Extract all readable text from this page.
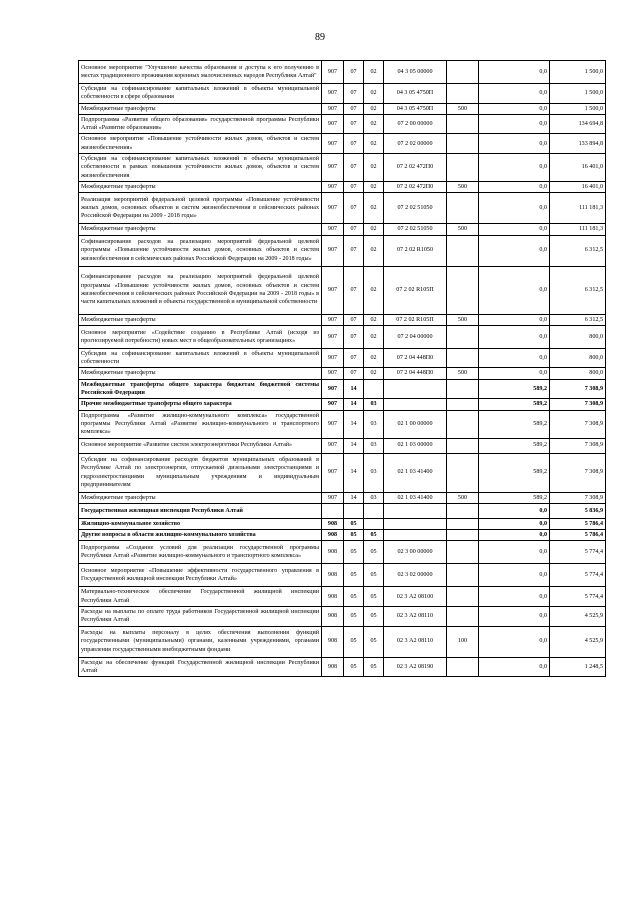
89
Основное мероприятие "Улучшение качества образования и доступа к его получению в местах традиционного проживания коренных малочисленных народов Республики Алтай"	907	07	02	04 3 05 00000		0,0	1 500,0
Субсидии на софинансирование капитальных вложений в объекты муниципальной собственности в сфере образования	907	07	02	04 3 05 4750П		0,0	1 500,0
Межбюджетные трансферты	907	07	02	04 3 05 4750П	500	0,0	1 500,0
Подпрограмма «Развитие общего образования» государственной программы Республики Алтай «Развитие образования»	907	07	02	07 2 00 00000		0,0	134 694,8
Основное мероприятие «Повышение устойчивости жилых домов, объектов и систем жизнеобеспечения»	907	07	02	07 2 02 00000		0,0	133 894,8
Субсидии на софинансирование капитальных вложений в объекты муниципальной собственности в рамках повышения устойчивости жилых домов, объектов и систем жизнеобеспечения	907	07	02	07 2 02 472П0		0,0	16 401,0
Межбюджетные трансферты	907	07	02	07 2 02 472П0	500	0,0	16 401,0
Реализация мероприятий федеральной целевой программы «Повышение устойчивости жилых домов, основных объектов и систем жизнеобеспечения в сейсмических районах Российской Федерации на 2009 - 2018 годы»	907	07	02	07 2 02 51050		0,0	111 181,3
Межбюджетные трансферты	907	07	02	07 2 02 51050	500	0,0	111 181,3
Софинансирование расходов на реализацию мероприятий федеральной целевой программы «Повышение устойчивости жилых домов, основных объектов и систем жизнеобеспечения в сейсмических районах Российской Федерации на 2009 - 2018 годы»	907	07	02	07 2 02 R1050		0,0	6 312,5
Софинансирование расходов на реализацию мероприятий федеральной целевой программы «Повышение устойчивости жилых домов, основных объектов и систем жизнеобеспечения в сейсмических районах Российской Федерации на 2009 - 2018 годы» в части капитальных вложений в объекты государственной и муниципальной собственности	907	07	02	07 2 02 R105П		0,0	6 312,5
Межбюджетные трансферты	907	07	02	07 2 02 R105П	500	0,0	6 312,5
Основное мероприятие «Содействие созданию в Республике Алтай (исходя из прогнозируемой потребности) новых мест в общеобразовательных организациях»	907	07	02	07 2 04 00000		0,0	800,0
Субсидии на софинансирование капитальных вложений в объекты муниципальной собственности	907	07	02	07 2 04 448П0		0,0	800,0
Межбюджетные трансферты	907	07	02	07 2 04 448П0	500	0,0	800,0
Межбюджетные трансферты общего характера бюджетам бюджетной системы Российской Федерации	907	14				589,2	7 308,9
Прочие межбюджетные трансферты общего характера	907	14	03			589,2	7 308,9
Подпрограмма «Развитие жилищно-коммунального комплекса» государственной программы Республики Алтай «Развитие жилищно-коммунального и транспортного комплекса»	907	14	03	02 1 00 00000		589,2	7 308,9
Основное мероприятие «Развитие систем электроэнергетики Республики Алтай»	907	14	03	02 1 03 00000		589,2	7 308,9
Субсидии на софинансирование расходов бюджетов муниципальных образований в Республике Алтай по электроэнергии, отпускаемой дизельными электростанциями и гидроэлектростанциями муниципальным учреждениям и индивидуальным предпринимателям	907	14	03	02 1 03 41400		589,2	7 308,9
Межбюджетные трансферты	907	14	03	02 1 03 41400	500	589,2	7 308,9
Государственная жилищная инспекция Республики Алтай						0,0	5 836,9
Жилищно-коммунальное хозяйство	908	05				0,0	5 786,4
Другие вопросы в области жилищно-коммунального хозяйства	908	05	05			0,0	5 786,4
Подпрограмма «Создание условий для реализации государственной программы Республики Алтай «Развитие жилищно-коммунального и транспортного комплекса»	908	05	05	02 3 00 00000		0,0	5 774,4
Основное мероприятие «Повышение эффективности государственного управления в Государственной жилищной инспекции Республики Алтай»	908	05	05	02 3 02 00000		0,0	5 774,4
Материально-техническое обеспечение Государственной жилищной инспекции Республики Алтай	908	05	05	02 3 А2 08100		0,0	5 774,4
Расходы на выплаты по оплате труда работников Государственной жилищной инспекции Республики Алтай	908	05	05	02 3 А2 08110		0,0	4 525,9
Расходы на выплаты персоналу в целях обеспечения выполнения функций государственными (муниципальными) органами, казенными учреждениями, органами управления государственными внебюджетными фондами	908	05	05	02 3 А2 08110	100	0,0	4 525,9
Расходы на обеспечение функций Государственной жилищной инспекции Республики Алтай	908	05	05	02 3 А2 08190		0,0	1 248,5
